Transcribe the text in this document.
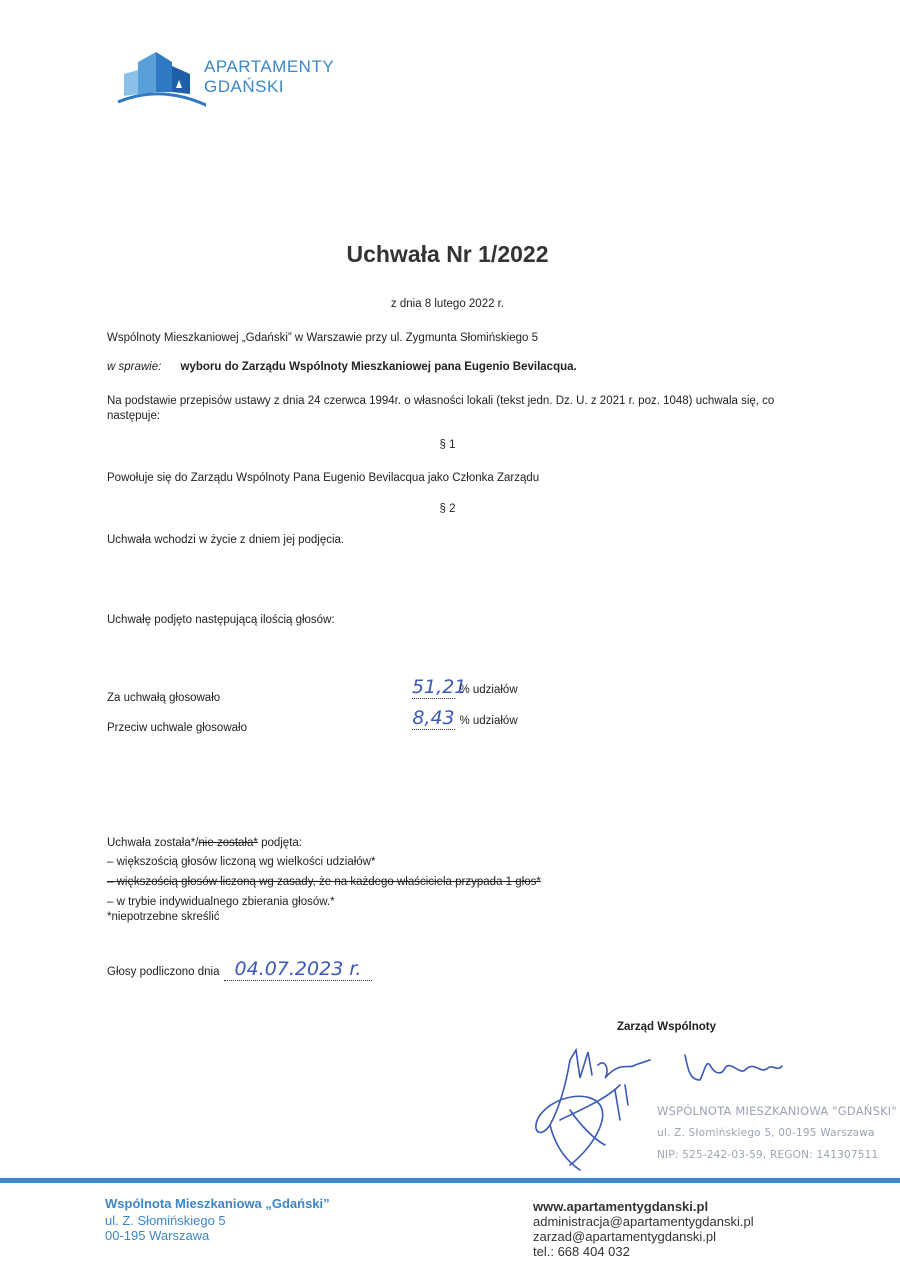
APARTAMENTY
GDAŃSKI
Uchwała Nr 1/2022
z dnia 8 lutego 2022 r.
Wspólnoty Mieszkaniowej „Gdański” w Warszawie przy ul. Zygmunta Słomińskiego 5
w sprawie: wyboru do Zarządu Wspólnoty Mieszkaniowej pana Eugenio Bevilacqua.
Na podstawie przepisów ustawy z dnia 24 czerwca 1994r. o własności lokali (tekst jedn. Dz. U. z 2021 r. poz. 1048) uchwala się, co
następuje:
§ 1
Powołuje się do Zarządu Wspólnoty Pana Eugenio Bevilacqua jako Członka Zarządu
§ 2
Uchwała wchodzi w życie z dniem jej podjęcia.
Uchwałę podjęto następującą ilością głosów:
Za uchwałą głosowało	51,21 % udziałów
Przeciw uchwale głosowało	8,43 % udziałów
Uchwała została*/nie została* podjęta:
– większością głosów liczoną wg wielkości udziałów*
– większością głosów liczoną wg zasady, że na każdego właściciela przypada 1 głos*
– w trybie indywidualnego zbierania głosów.*
*niepotrzebne skreślić
Głosy podliczono dnia 04.07.2023 r.
Zarząd Wspólnoty
WSPÓLNOTA MIESZKANIOWA "GDAŃSKI"
ul. Z. Słomińskiego 5, 00-195 Warszawa
NIP: 525-242-03-59, REGON: 141307511
Wspólnota Mieszkaniowa „Gdański”
ul. Z. Słomińskiego 5
00-195 Warszawa
www.apartamentygdanski.pl
administracja@apartamentygdanski.pl
zarzad@apartamentygdanski.pl
tel.: 668 404 032
